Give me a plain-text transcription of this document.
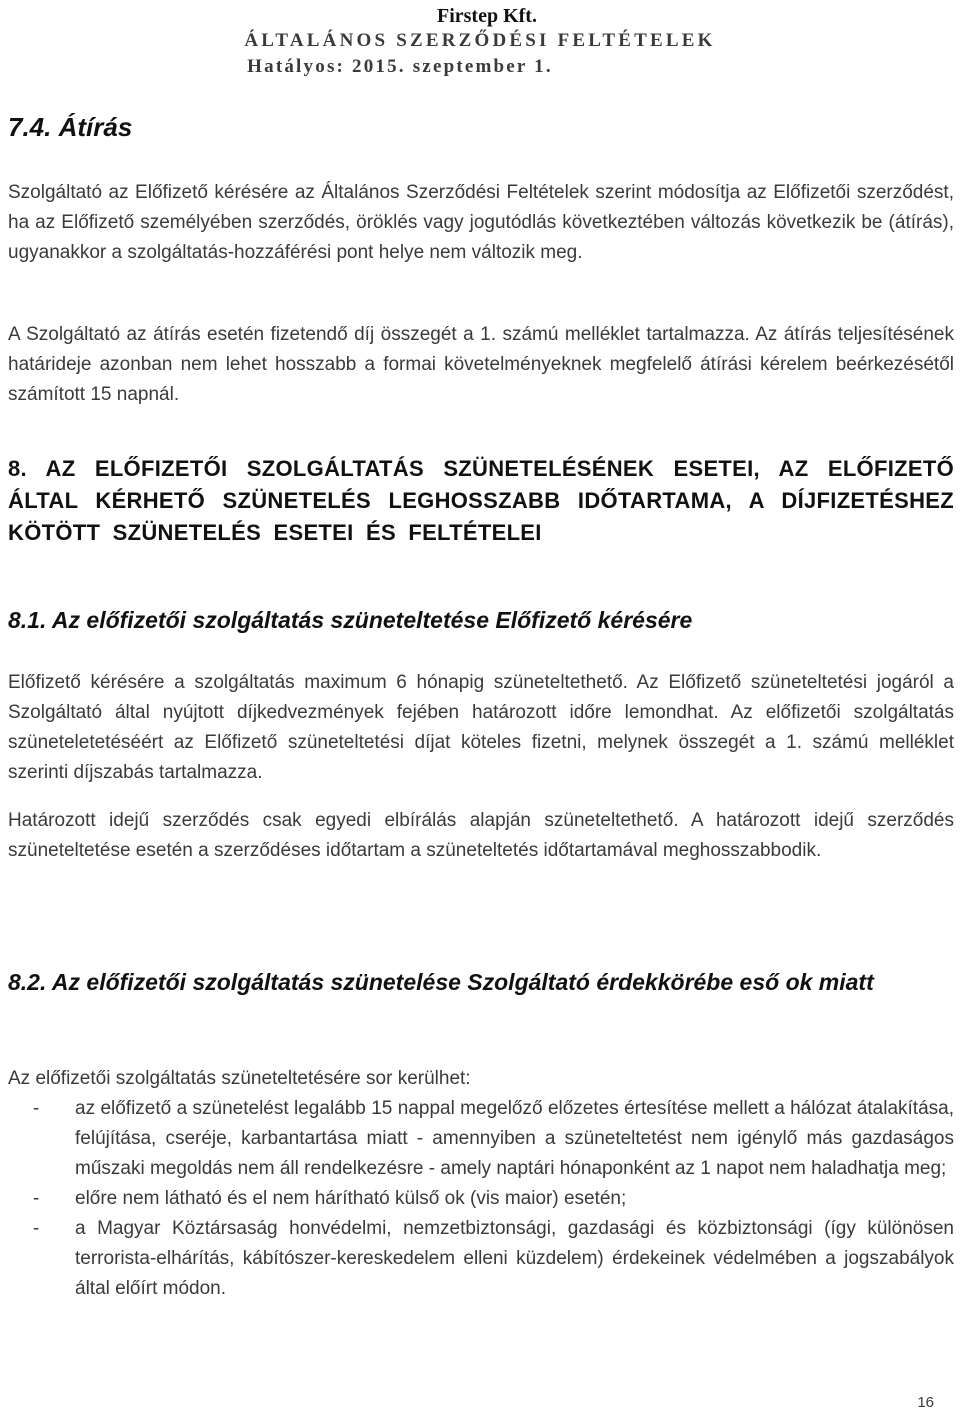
Firstep Kft.
ÁLTALÁNOS SZERZŐDÉSI FELTÉTELEK
Hatályos: 2015. szeptember 1.
7.4. Átírás
Szolgáltató az Előfizető kérésére az Általános Szerződési Feltételek szerint módosítja az Előfizetői szerződést, ha az Előfizető személyében szerződés, öröklés vagy jogutódlás következtében változás következik be (átírás), ugyanakkor a szolgáltatás-hozzáférési pont helye nem változik meg.
A Szolgáltató az átírás esetén fizetendő díj összegét a 1. számú melléklet tartalmazza. Az átírás teljesítésének határideje azonban nem lehet hosszabb a formai követelményeknek megfelelő átírási kérelem beérkezésétől számított 15 napnál.
8. AZ ELŐFIZETŐI SZOLGÁLTATÁS SZÜNETELÉSÉNEK ESETEI, AZ ELŐFIZETŐ ÁLTAL KÉRHETŐ SZÜNETELÉS LEGHOSSZABB IDŐTARTAMA, A DÍJFIZETÉSHEZ KÖTÖTT SZÜNETELÉS ESETEI ÉS FELTÉTELEI
8.1. Az előfizetői szolgáltatás szüneteltetése Előfizető kérésére
Előfizető kérésére a szolgáltatás maximum 6 hónapig szüneteltethető. Az Előfizető szüneteltetési jogáról a Szolgáltató által nyújtott díjkedvezmények fejében határozott időre lemondhat. Az előfizetői szolgáltatás szüneteletetéséért az Előfizető szüneteltetési díjat köteles fizetni, melynek összegét a 1. számú melléklet szerinti díjszabás tartalmazza.
Határozott idejű szerződés csak egyedi elbírálás alapján szüneteltethető. A határozott idejű szerződés szüneteltetése esetén a szerződéses időtartam a szüneteltetés időtartamával meghosszabbodik.
8.2. Az előfizetői szolgáltatás szünetelése Szolgáltató érdekkörébe eső ok miatt
Az előfizetői szolgáltatás szüneteltetésére sor kerülhet:
- az előfizető a szünetelést legalább 15 nappal megelőző előzetes értesítése mellett a hálózat átalakítása, felújítása, cseréje, karbantartása miatt - amennyiben a szüneteltetést nem igénylő más gazdaságos műszaki megoldás nem áll rendelkezésre - amely naptári hónaponként az 1 napot nem haladhatja meg;
- előre nem látható és el nem hárítható külső ok (vis maior) esetén;
- a Magyar Köztársaság honvédelmi, nemzetbiztonsági, gazdasági és közbiztonsági (így különösen terrorista-elhárítás, kábítószer-kereskedelem elleni küzdelem) érdekeinek védelmében a jogszabályok által előírt módon.
16
